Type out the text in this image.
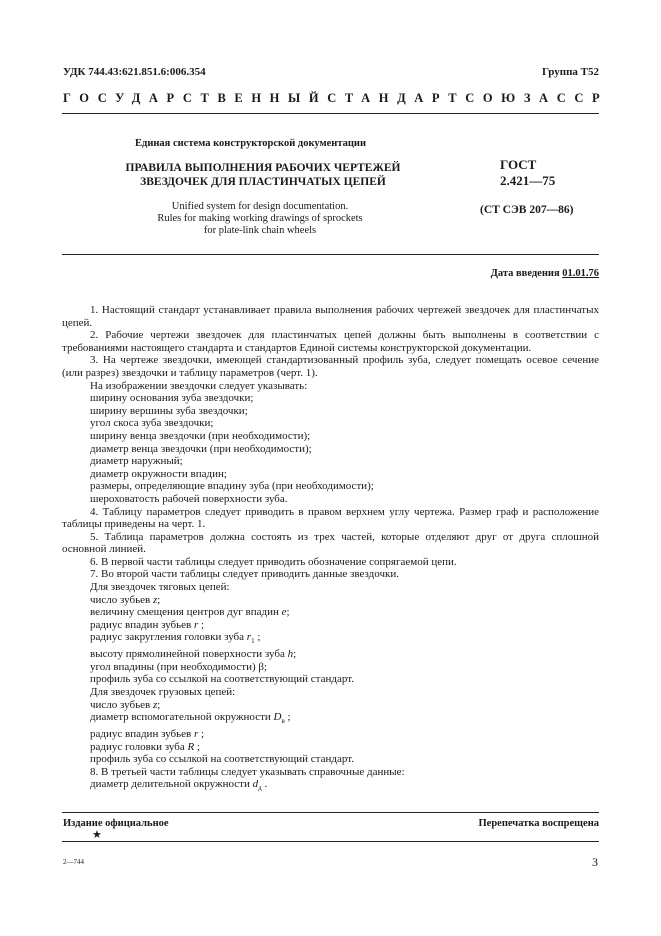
УДК 744.43:621.851.6:006.354	Группа Т52
ГОСУДАРСТВЕННЫЙ СТАНДАРТ СОЮЗА ССР
Единая система конструкторской документации
ПРАВИЛА ВЫПОЛНЕНИЯ РАБОЧИХ ЧЕРТЕЖЕЙ
ЗВЕЗДОЧЕК ДЛЯ ПЛАСТИНЧАТЫХ ЦЕПЕЙ
ГОСТ
2.421—75
Unified system for design documentation.
Rules for making working drawings of sprockets
for plate-link chain wheels
(СТ СЭВ 207—86)
Дата введения 01.01.76

1. Настоящий стандарт устанавливает правила выполнения рабочих чертежей звездочек для пластинчатых цепей.

2. Рабочие чертежи звездочек для пластинчатых цепей должны быть выполнены в соответствии с требованиями настоящего стандарта и стандартов Единой системы конструкторской документации.

3. На чертеже звездочки, имеющей стандартизованный профиль зуба, следует помещать осевое сечение (или разрез) звездочки и таблицу параметров (черт. 1).

На изображении звездочки следует указывать:

ширину основания зуба звездочки;

ширину вершины зуба звездочки;

угол скоса зуба звездочки;

ширину венца звездочки (при необходимости);

диаметр венца звездочки (при необходимости);

диаметр наружный;

диаметр окружности впадин;

размеры, определяющие впадину зуба (при необходимости);

шероховатость рабочей поверхности зуба.

4. Таблицу параметров следует приводить в правом верхнем углу чертежа. Размер граф и расположение таблицы приведены на черт. 1.

5. Таблица параметров должна состоять из трех частей, которые отделяют друг от друга сплошной основной линией.

6. В первой части таблицы следует приводить обозначение сопрягаемой цепи.

7. Во второй части таблицы следует приводить данные звездочки.

Для звездочек тяговых цепей:

число зубьев z;

величину смещения центров дуг впадин e;

радиус впадин зубьев r ;

радиус закругления головки зуба $r_1$ ;

высоту прямолинейной поверхности зуба h;

угол впадины (при необходимости) β;

профиль зуба со ссылкой на соответствующий стандарт.

Для звездочек грузовых цепей:

число зубьев z;

диаметр вспомогательной окружности $D_в$ ;

радиус впадин зубьев r ;

радиус головки зуба R ;

профиль зуба со ссылкой на соответствующий стандарт.

8. В третьей части таблицы следует указывать справочные данные:

диаметр делительной окружности $d_д$ .

Издание официальное
★
Перепечатка воспрещена
2—744	3
